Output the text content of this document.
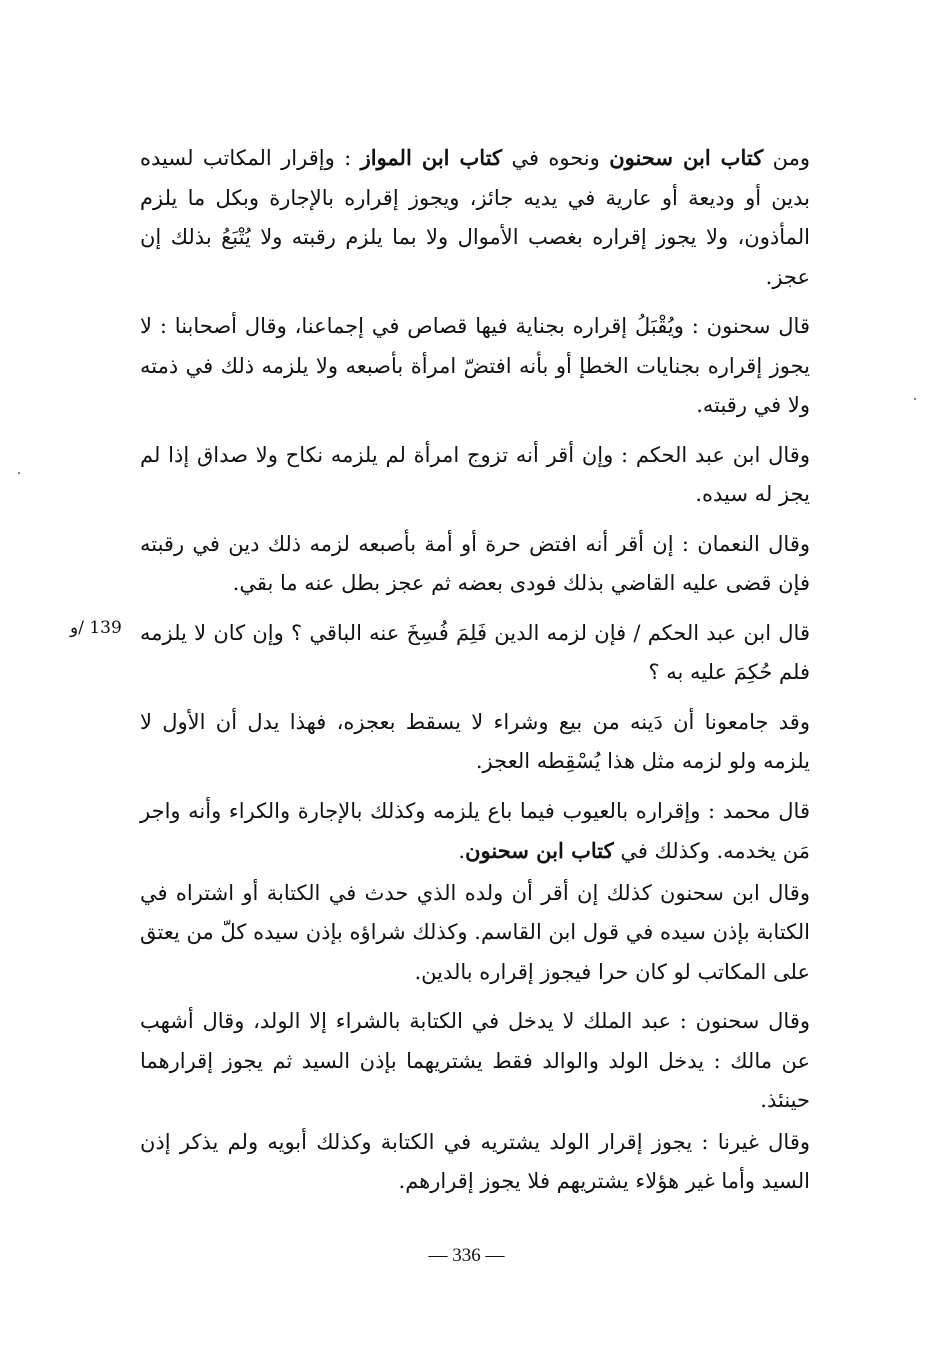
ومن كتاب ابن سحنون ونحوه في كتاب ابن المواز : وإقرار المكاتب لسيده بدين أو وديعة أو عارية في يديه جائز، ويجوز إقراره بالإجارة وبكل ما يلزم المأذون، ولا يجوز إقراره بغصب الأموال ولا بما يلزم رقبته ولا يُتْبَعُ بذلك إن عجز.

قال سحنون : ويُقْبَلُ إقراره بجناية فيها قصاص في إجماعنا، وقال أصحابنا : لا يجوز إقراره بجنايات الخطإ أو بأنه افتضّ امرأة بأصبعه ولا يلزمه ذلك في ذمته ولا في رقبته.

وقال ابن عبد الحكم : وإن أقر أنه تزوج امرأة لم يلزمه نكاح ولا صداق إذا لم يجز له سيده.

وقال النعمان : إن أقر أنه افتض حرة أو أمة بأصبعه لزمه ذلك دين في رقبته فإن قضى عليه القاضي بذلك فودى بعضه ثم عجز بطل عنه ما بقي.

قال ابن عبد الحكم / فإن لزمه الدين فَلِمَ فُسِخَ عنه الباقي ؟ وإن كان لا يلزمه فلم حُكِمَ عليه به ؟

وقد جامعونا أن دَينه من بيع وشراء لا يسقط بعجزه، فهذا يدل أن الأول لا يلزمه ولو لزمه مثل هذا يُسْقِطه العجز.

قال محمد : وإقراره بالعيوب فيما باع يلزمه وكذلك بالإجارة والكراء وأنه واجر مَن يخدمه. وكذلك في كتاب ابن سحنون.

وقال ابن سحنون كذلك إن أقر أن ولده الذي حدث في الكتابة أو اشتراه في الكتابة بإذن سيده في قول ابن القاسم. وكذلك شراؤه بإذن سيده كلّ من يعتق على المكاتب لو كان حرا فيجوز إقراره بالدين.

وقال سحنون : عبد الملك لا يدخل في الكتابة بالشراء إلا الولد، وقال أشهب عن مالك : يدخل الولد والوالد فقط يشتريهما بإذن السيد ثم يجوز إقرارهما حينئذ.

وقال غيرنا : يجوز إقرار الولد يشتريه في الكتابة وكذلك أبويه ولم يذكر إذن السيد وأما غير هؤلاء يشتريهم فلا يجوز إقرارهم.

139 /و
— 336 —
